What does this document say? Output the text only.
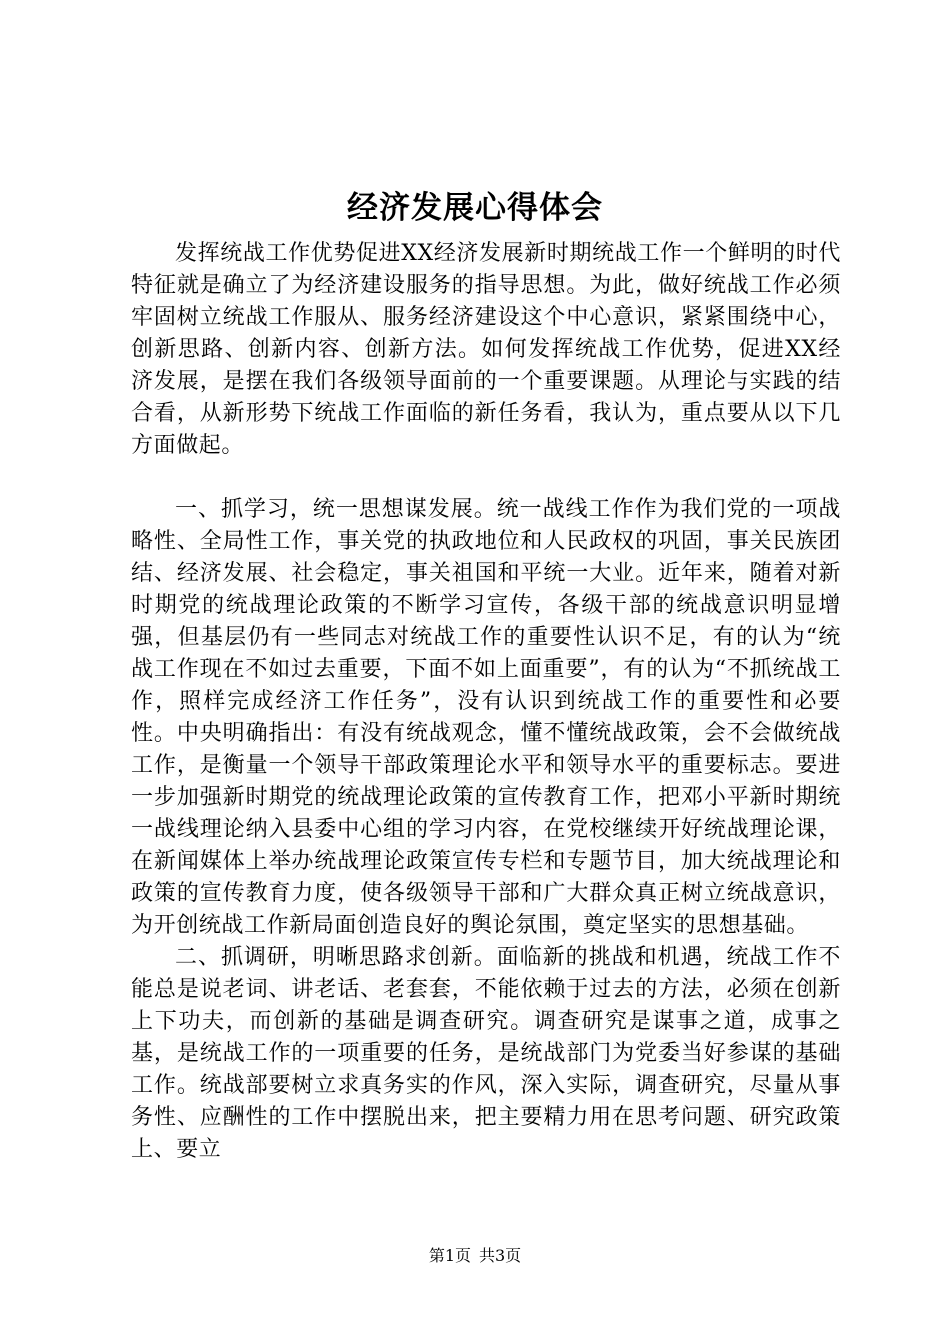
经济发展心得体会

发挥统战工作优势促进XX经济发展新时期统战工作一个鲜明的时代特征就是确立了为经济建设服务的指导思想。为此，做好统战工作必须牢固树立统战工作服从、服务经济建设这个中心意识，紧紧围绕中心，创新思路、创新内容、创新方法。如何发挥统战工作优势，促进XX经济发展，是摆在我们各级领导面前的一个重要课题。从理论与实践的结合看，从新形势下统战工作面临的新任务看，我认为，重点要从以下几方面做起。

一、抓学习，统一思想谋发展。统一战线工作作为我们党的一项战略性、全局性工作，事关党的执政地位和人民政权的巩固，事关民族团结、经济发展、社会稳定，事关祖国和平统一大业。近年来，随着对新时期党的统战理论政策的不断学习宣传，各级干部的统战意识明显增强，但基层仍有一些同志对统战工作的重要性认识不足，有的认为“统战工作现在不如过去重要，下面不如上面重要”，有的认为“不抓统战工作，照样完成经济工作任务”，没有认识到统战工作的重要性和必要性。中央明确指出：有没有统战观念，懂不懂统战政策，会不会做统战工作，是衡量一个领导干部政策理论水平和领导水平的重要标志。要进一步加强新时期党的统战理论政策的宣传教育工作，把邓小平新时期统一战线理论纳入县委中心组的学习内容，在党校继续开好统战理论课，在新闻媒体上举办统战理论政策宣传专栏和专题节目，加大统战理论和政策的宣传教育力度，使各级领导干部和广大群众真正树立统战意识，为开创统战工作新局面创造良好的舆论氛围，奠定坚实的思想基础。

二、抓调研，明晰思路求创新。面临新的挑战和机遇，统战工作不能总是说老词、讲老话、老套套，不能依赖于过去的方法，必须在创新上下功夫，而创新的基础是调查研究。调查研究是谋事之道，成事之基，是统战工作的一项重要的任务，是统战部门为党委当好参谋的基础工作。统战部要树立求真务实的作风，深入实际，调查研究，尽量从事务性、应酬性的工作中摆脱出来，把主要精力用在思考问题、研究政策上、要立

第1页 共3页
